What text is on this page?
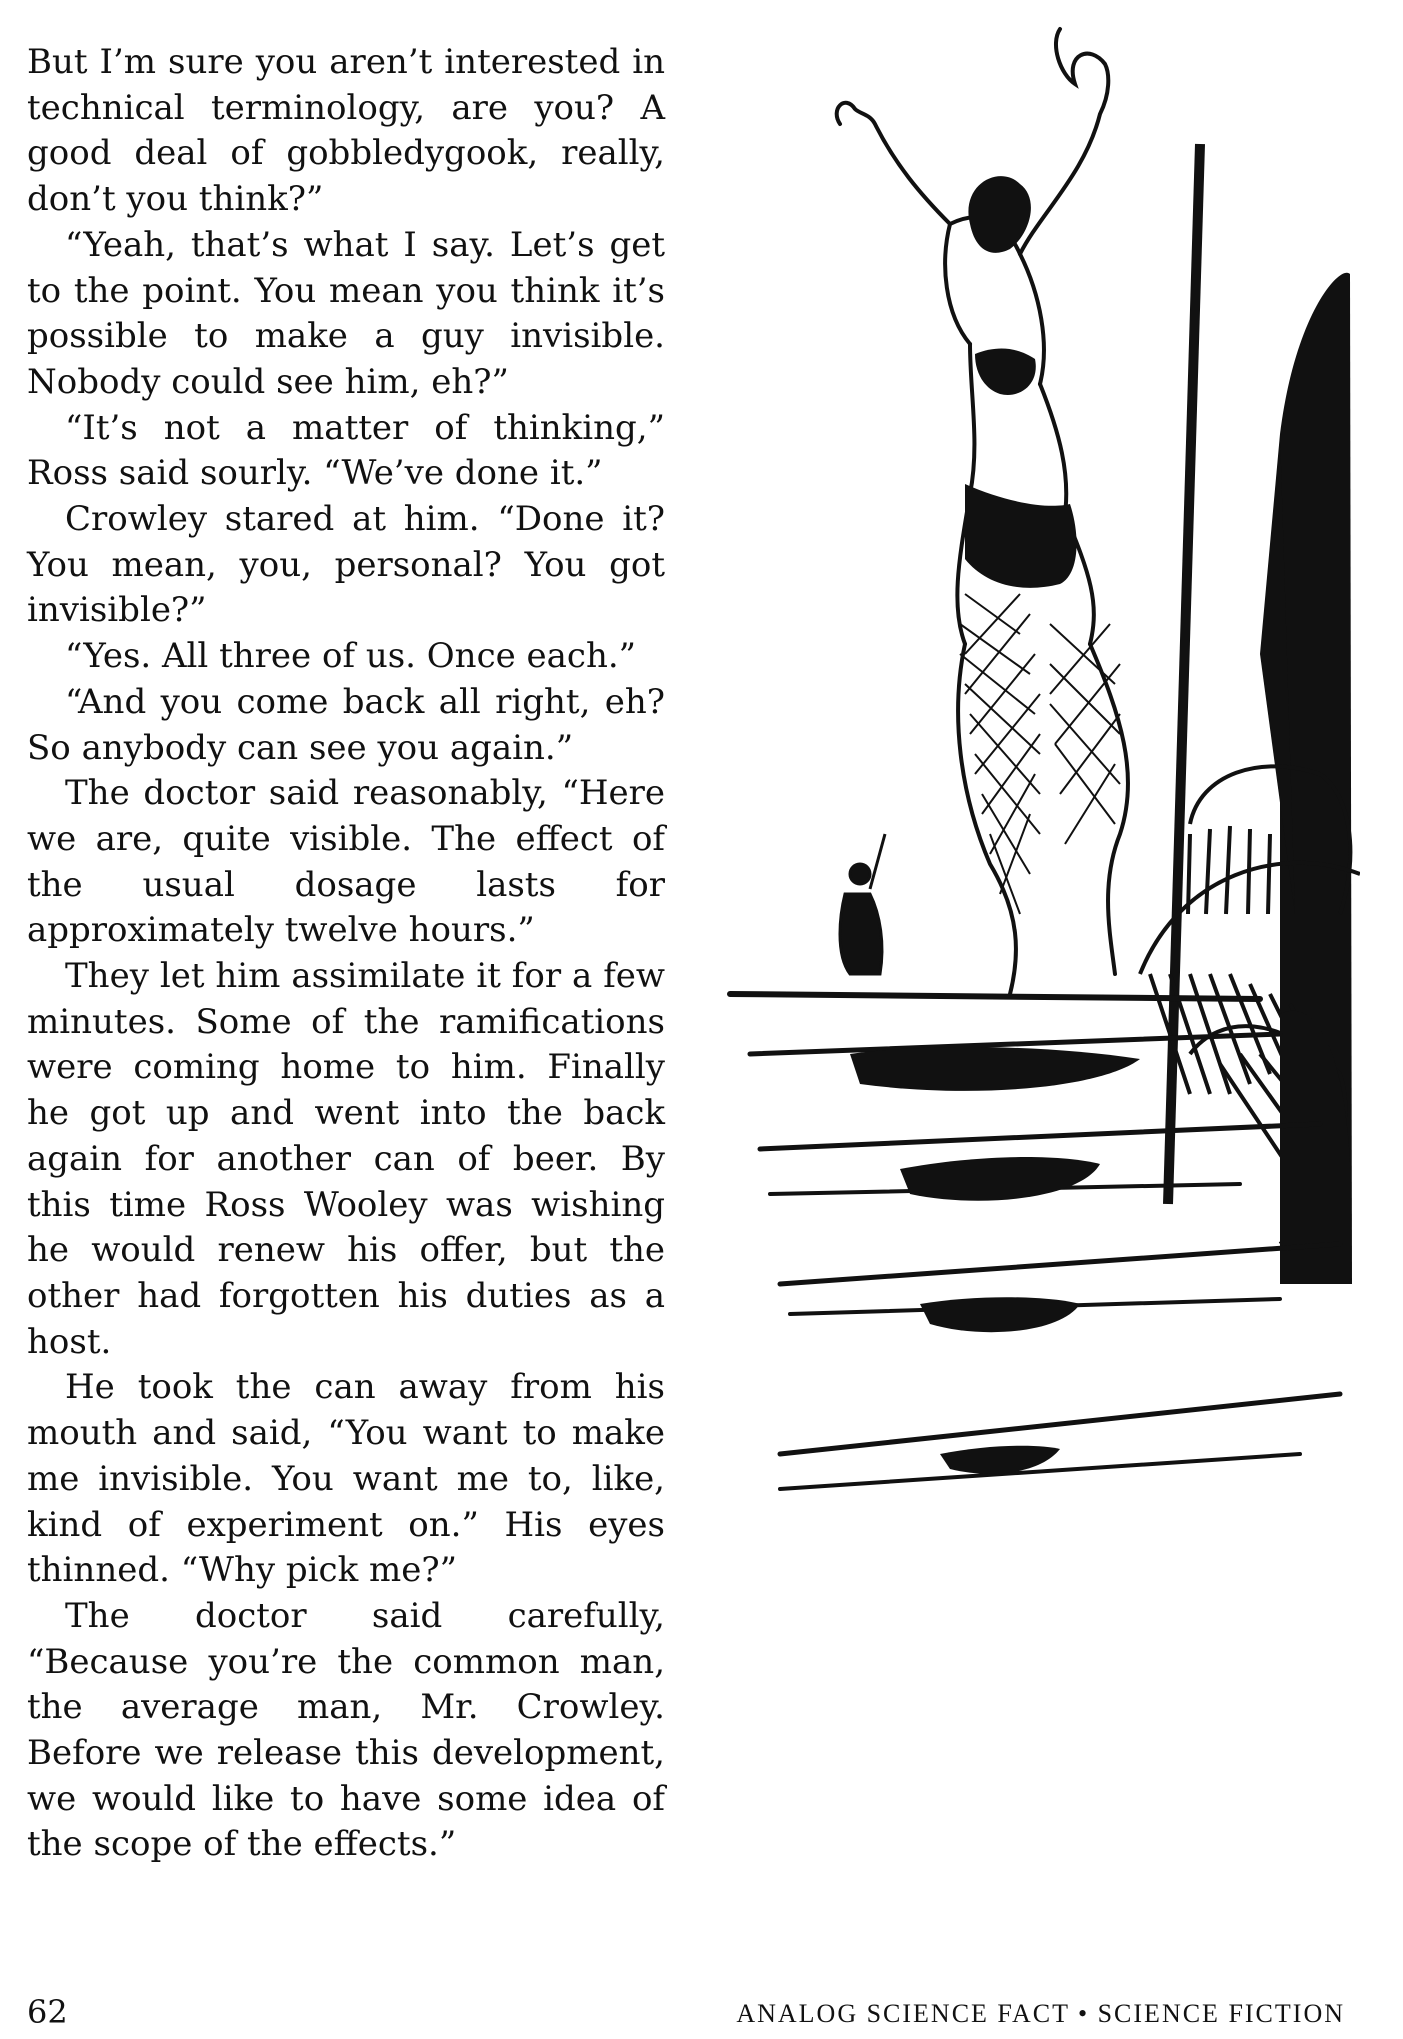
But I’m sure you aren’t interested in technical terminology, are you? A good deal of gobbledygook, really, don’t you think?”

“Yeah, that’s what I say. Let’s get to the point. You mean you think it’s possible to make a guy invisible. Nobody could see him, eh?”

“It’s not a matter of thinking,” Ross said sourly. “We’ve done it.”

Crowley stared at him. “Done it? You mean, you, personal? You got invisible?”

“Yes. All three of us. Once each.”

“And you come back all right, eh? So anybody can see you again.”

The doctor said reasonably, “Here we are, quite visible. The effect of the usual dosage lasts for approximately twelve hours.”

They let him assimilate it for a few minutes. Some of the ramifications were coming home to him. Finally he got up and went into the back again for another can of beer. By this time Ross Wooley was wishing he would renew his offer, but the other had forgotten his duties as a host.

He took the can away from his mouth and said, “You want to make me invisible. You want me to, like, kind of experiment on.” His eyes thinned. “Why pick me?”

The doctor said carefully, “Because you’re the common man, the average man, Mr. Crowley. Before we release this development, we would like to have some idea of the scope of the effects.”

62	ANALOG SCIENCE FACT • SCIENCE FICTION
